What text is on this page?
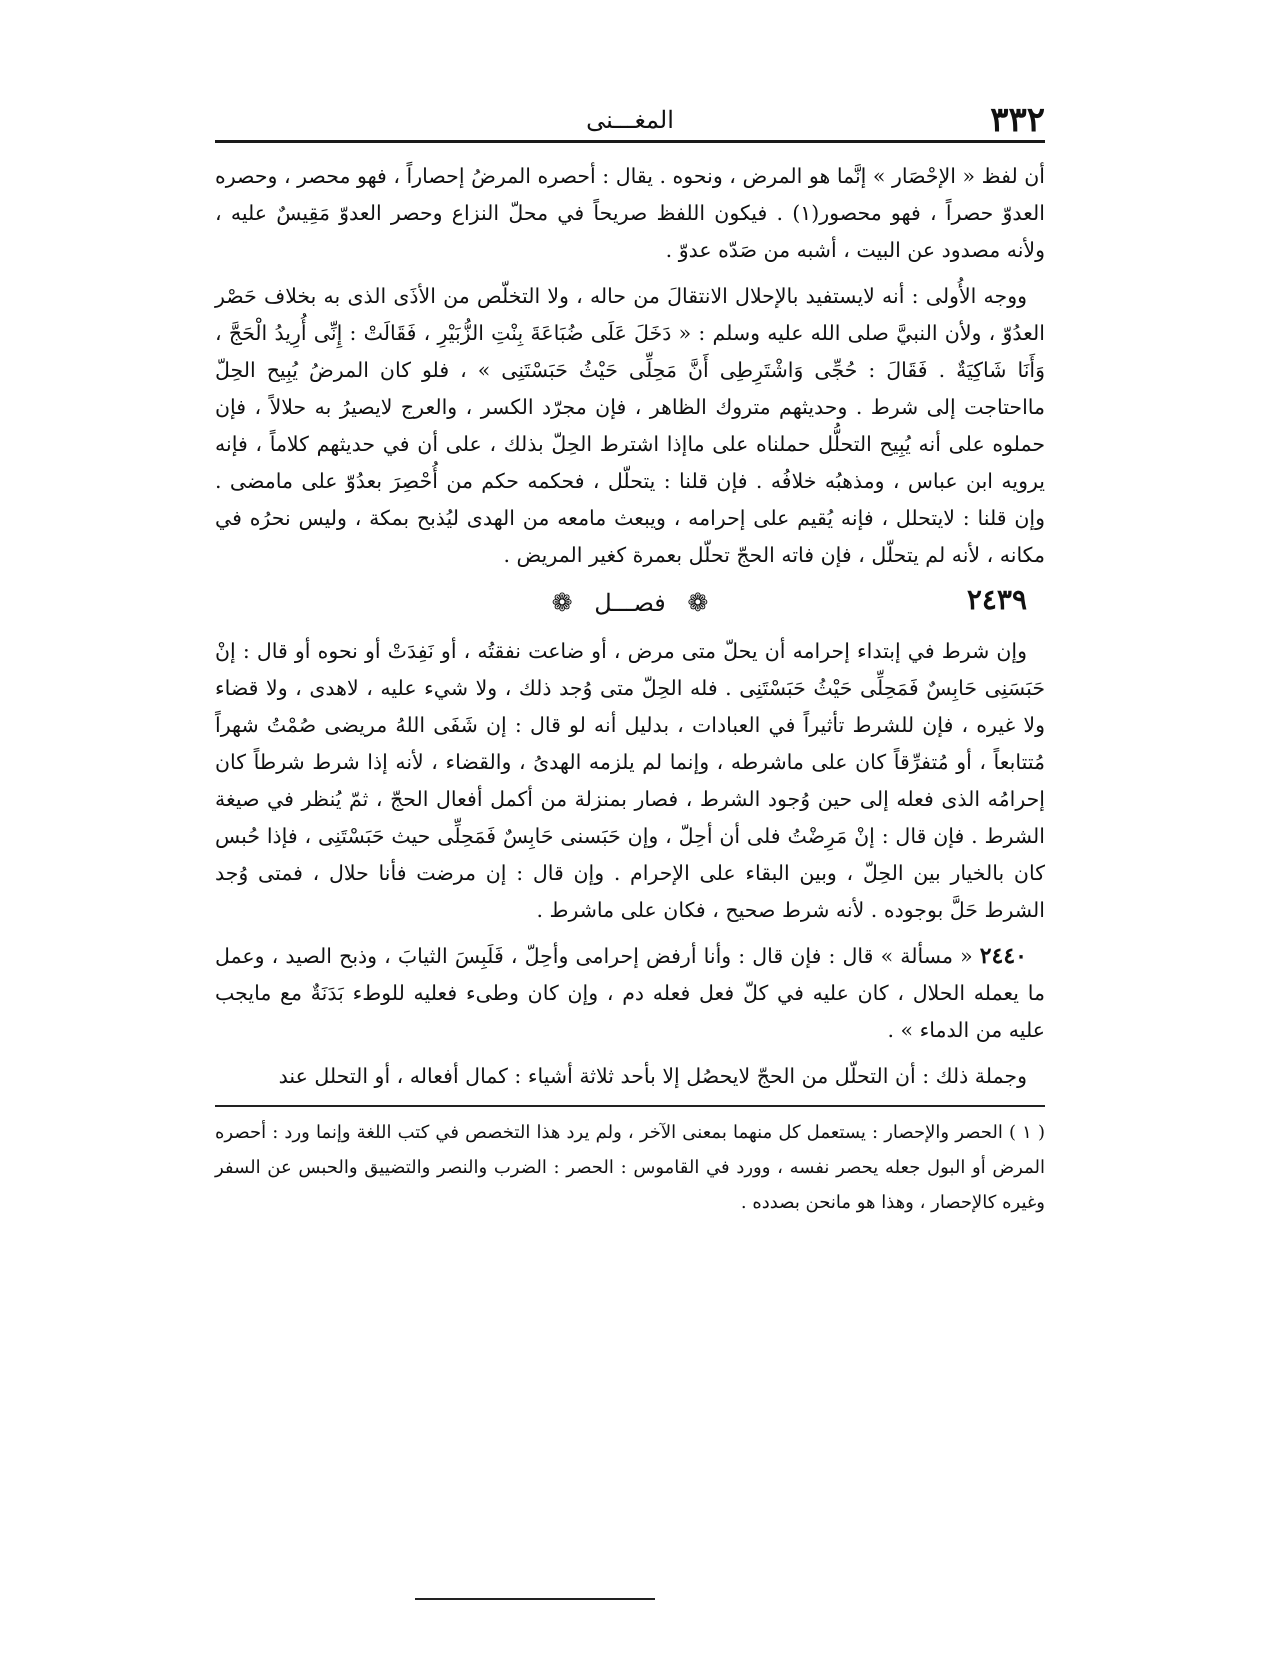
٣٣٢
المغـــنى

أن لفظ « الإحْصَار » إنَّما هو المرض ، ونحوه . يقال : أحصره المرضُ إحصاراً ، فهو محصر ، وحصره العدوّ حصراً ، فهو محصور(١) . فيكون اللفظ صريحاً في محلّ النزاع وحصر العدوّ مَقِيسٌ عليه ، ولأنه مصدود عن البيت ، أشبه من صَدّه عدوّ .

ووجه الأُولى : أنه لايستفيد بالإحلال الانتقالَ من حاله ، ولا التخلّص من الأذَى الذى به بخلاف حَصْر العدُوّ ، ولأن النبيَّ صلى الله عليه وسلم : « دَخَلَ عَلَى ضُبَاعَةَ بِنْتِ الزُّبَيْرِ ، فَقَالَتْ : إِنِّى أُرِيدُ الْحَجَّ ، وَأَنَا شَاكِيَةٌ . فَقَالَ : حُجِّى وَاشْتَرِطِى أَنَّ مَحِلِّى حَيْثُ حَبَسْتَنِى » ، فلو كان المرضُ يُبِيح الحِلّ مااحتاجت إلى شرط . وحديثهم متروك الظاهر ، فإن مجرّد الكسر ، والعرج لايصيرُ به حلالاً ، فإن حملوه على أنه يُبِيح التحلُّل حملناه على ماإذا اشترط الحِلّ بذلك ، على أن في حديثهم كلاماً ، فإنه يرويه ابن عباس ، ومذهبُه خلافُه . فإن قلنا : يتحلّل ، فحكمه حكم من أُحْصِرَ بعدُوّ على مامضى . وإن قلنا : لايتحلل ، فإنه يُقيم على إحرامه ، ويبعث مامعه من الهدى ليُذبح بمكة ، وليس نحرُه في مكانه ، لأنه لم يتحلّل ، فإن فاته الحجّ تحلّل بعمرة كغير المريض .

٢٤٣٩
❁ فصـــل ❁

وإن شرط في إبتداء إحرامه أن يحلّ متى مرض ، أو ضاعت نفقتُه ، أو نَفِدَتْ أو نحوه أو قال : إنْ حَبَسَنِى حَابِسٌ فَمَحِلِّى حَيْثُ حَبَسْتَنِى . فله الحِلّ متى وُجد ذلك ، ولا شيء عليه ، لاهدى ، ولا قضاء ولا غيره ، فإن للشرط تأثيراً في العبادات ، بدليل أنه لو قال : إن شَفَى اللهُ مريضى صُمْتُ شهراً مُتتابعاً ، أو مُتفرِّقاً كان على ماشرطه ، وإنما لم يلزمه الهدىُ ، والقضاء ، لأنه إذا شرط شرطاً كان إحرامُه الذى فعله إلى حين وُجود الشرط ، فصار بمنزلة من أكمل أفعال الحجّ ، ثمّ يُنظر في صيغة الشرط . فإن قال : إنْ مَرِضْتُ فلى أن أحِلّ ، وإن حَبَسنى حَابِسٌ فَمَحِلِّى حيث حَبَسْتَنِى ، فإذا حُبس كان بالخيار بين الحِلّ ، وبين البقاء على الإحرام . وإن قال : إن مرضت فأنا حلال ، فمتى وُجد الشرط حَلَّ بوجوده . لأنه شرط صحيح ، فكان على ماشرط .

٢٤٤٠ « مسألة » قال : فإن قال : وأنا أرفض إحرامى وأحِلّ ، فَلَبِسَ الثيابَ ، وذبح الصيد ، وعمل ما يعمله الحلال ، كان عليه في كلّ فعل فعله دم ، وإن كان وطىء فعليه للوطء بَدَنَةٌ مع مايجب عليه من الدماء » .

وجملة ذلك : أن التحلّل من الحجّ لايحصُل إلا بأحد ثلاثة أشياء : كمال أفعاله ، أو التحلل عند

( ١ ) الحصر والإحصار : يستعمل كل منهما بمعنى الآخر ، ولم يرد هذا التخصص في كتب اللغة وإنما ورد : أحصره المرض أو البول جعله يحصر نفسه ، وورد في القاموس : الحصر : الضرب والنصر والتضييق والحبس عن السفر وغيره كالإحصار ، وهذا هو مانحن بصدده .
